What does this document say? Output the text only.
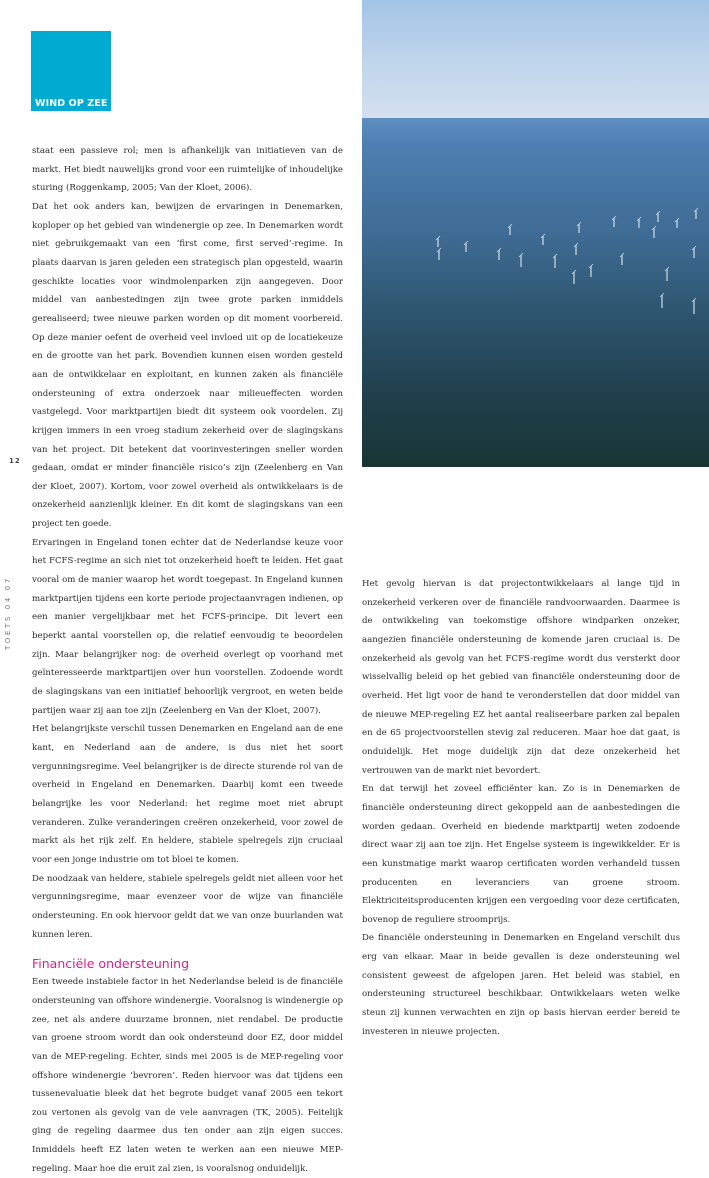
WIND OP ZEE
12
TOETS 04 07

staat een passieve rol; men is afhankelijk van initiatieven van de markt. Het biedt nauwelijks grond voor een ruimtelijke of inhoudelijke sturing (Roggenkamp, 2005; Van der Kloet, 2006).

Dat het ook anders kan, bewijzen de ervaringen in Denemarken, koploper op het gebied van windenergie op zee. In Denemarken wordt niet gebruikgemaakt van een ‘first come, first served’-regime. In plaats daarvan is jaren geleden een strategisch plan opgesteld, waarin geschikte locaties voor windmolenparken zijn aangegeven. Door middel van aanbestedingen zijn twee grote parken inmiddels gerealiseerd; twee nieuwe parken worden op dit moment voorbereid. Op deze manier oefent de overheid veel invloed uit op de locatiekeuze en de grootte van het park. Bovendien kunnen eisen worden gesteld aan de ontwikkelaar en exploitant, en kunnen zaken als financiële ondersteuning of extra onderzoek naar milieueffecten worden vastgelegd. Voor marktpartijen biedt dit systeem ook voordelen. Zij krijgen immers in een vroeg stadium zekerheid over de slagingskans van het project. Dit betekent dat voorinvesteringen sneller worden gedaan, omdat er minder financiële risico’s zijn (Zeelenberg en Van der Kloet, 2007). Kortom, voor zowel overheid als ontwikkelaars is de onzekerheid aanzienlijk kleiner. En dit komt de slagingskans van een project ten goede.

Ervaringen in Engeland tonen echter dat de Nederlandse keuze voor het FCFS-regime an sich niet tot onzekerheid hoeft te leiden. Het gaat vooral om de manier waarop het wordt toegepast. In Engeland kunnen marktpartijen tijdens een korte periode projectaanvragen indienen, op een manier vergelijkbaar met het FCFS-principe. Dit levert een beperkt aantal voorstellen op, die relatief eenvoudig te beoordelen zijn. Maar belangrijker nog: de overheid overlegt op voorhand met geïnteresseerde marktpartijen over hun voorstellen. Zodoende wordt de slagingskans van een initiatief behoorlijk vergroot, en weten beide partijen waar zij aan toe zijn (Zeelenberg en Van der Kloet, 2007).

Het belangrijkste verschil tussen Denemarken en Engeland aan de ene kant, en Nederland aan de andere, is dus niet het soort vergunningsregime. Veel belangrijker is de directe sturende rol van de overheid in Engeland en Denemarken. Daarbij komt een tweede belangrijke les voor Nederland: het regime moet niet abrupt veranderen. Zulke veranderingen creëren onzekerheid, voor zowel de markt als het rijk zelf. En heldere, stabiele spelregels zijn cruciaal voor een jonge industrie om tot bloei te komen.

De noodzaak van heldere, stabiele spelregels geldt niet alleen voor het vergunningsregime, maar evenzeer voor de wijze van financiële ondersteuning. En ook hiervoor geldt dat we van onze buurlanden wat kunnen leren.

Financiële ondersteuning

Een tweede instabiele factor in het Nederlandse beleid is de financiële ondersteuning van offshore windenergie. Vooralsnog is windenergie op zee, net als andere duurzame bronnen, niet rendabel. De productie van groene stroom wordt dan ook ondersteund door EZ, door middel van de MEP-regeling. Echter, sinds mei 2005 is de MEP-regeling voor offshore windenergie ‘bevroren’. Reden hiervoor was dat tijdens een tussenevaluatie bleek dat het begrote budget vanaf 2005 een tekort zou vertonen als gevolg van de vele aanvragen (TK, 2005). Feitelijk ging de regeling daarmee dus ten onder aan zijn eigen succes. Inmiddels heeft EZ laten weten te werken aan een nieuwe MEP-regeling. Maar hoe die eruit zal zien, is vooralsnog onduidelijk.

Het gevolg hiervan is dat projectontwikkelaars al lange tijd in onzekerheid verkeren over de financiële randvoorwaarden. Daarmee is de ontwikkeling van toekomstige offshore windparken onzeker, aangezien financiële ondersteuning de komende jaren cruciaal is. De onzekerheid als gevolg van het FCFS-regime wordt dus versterkt door wisselvallig beleid op het gebied van financiële ondersteuning door de overheid. Het ligt voor de hand te veronderstellen dat door middel van de nieuwe MEP-regeling EZ het aantal realiseerbare parken zal bepalen en de 65 projectvoorstellen stevig zal reduceren. Maar hoe dat gaat, is onduidelijk. Het moge duidelijk zijn dat deze onzekerheid het vertrouwen van de markt niet bevordert.

En dat terwijl het zoveel efficiënter kan. Zo is in Denemarken de financiële ondersteuning direct gekoppeld aan de aanbestedingen die worden gedaan. Overheid en biedende marktpartij weten zodoende direct waar zij aan toe zijn. Het Engelse systeem is ingewikkelder. Er is een kunstmatige markt waarop certificaten worden verhandeld tussen producenten en leveranciers van groene stroom. Elektriciteitsproducenten krijgen een vergoeding voor deze certificaten, bovenop de reguliere stroomprijs.

De financiële ondersteuning in Denemarken en Engeland verschilt dus erg van elkaar. Maar in beide gevallen is deze ondersteuning wel consistent geweest de afgelopen jaren. Het beleid was stabiel, en ondersteuning structureel beschikbaar. Ontwikkelaars weten welke steun zij kunnen verwachten en zijn op basis hiervan eerder bereid te investeren in nieuwe projecten.
